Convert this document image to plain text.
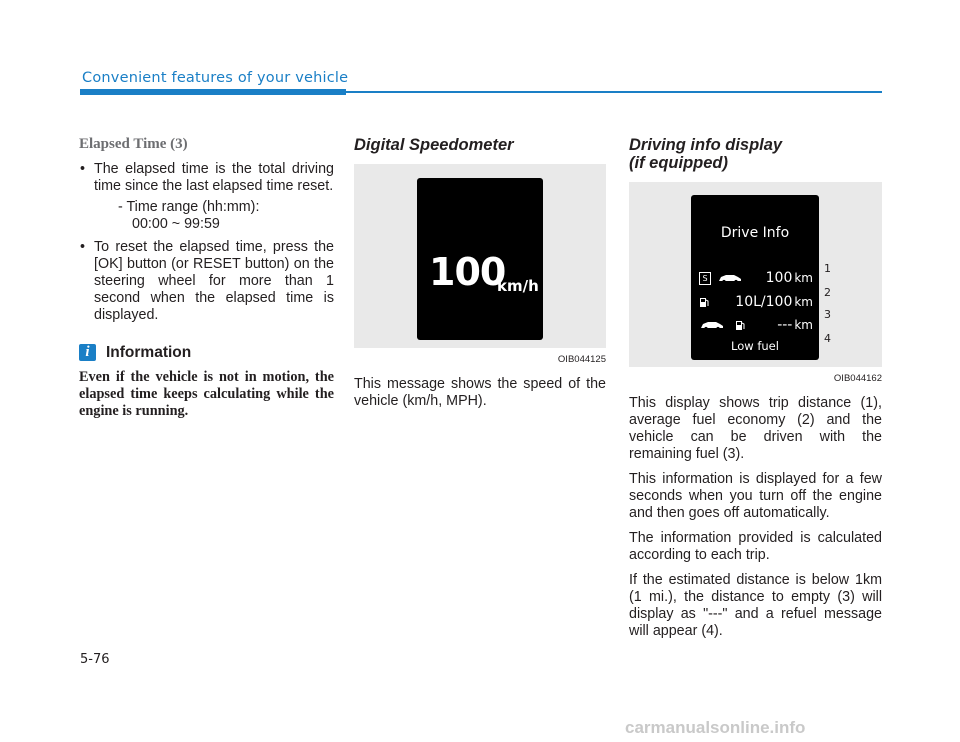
Convenient features of your vehicle
Elapsed Time (3)
• The elapsed time is the total driving time since the last elapsed time reset.
- Time range (hh:mm):
00:00 ~ 99:59
• To reset the elapsed time, press the [OK] button (or RESET button) on the steering wheel for more than 1 second when the elapsed time is displayed.
i	Information
Even if the vehicle is not in motion, the elapsed time keeps calculating while the engine is running.
Digital Speedometer
100
km/h
OIB044125

This message shows the speed of the vehicle (km/h, MPH).

Driving info display
(if equipped)
Drive Info
S	100 km
10L/100 km
--- km
Low fuel
1
2
3
4
OIB044162

This display shows trip distance (1), average fuel economy (2) and the vehicle can be driven with the remaining fuel (3).

This information is displayed for a few seconds when you turn off the engine and then goes off automatically.

The information provided is calculated according to each trip.

If the estimated distance is below 1km (1 mi.), the distance to empty (3) will display as "---" and a refuel message will appear (4).

5-76
carmanualsonline.info
